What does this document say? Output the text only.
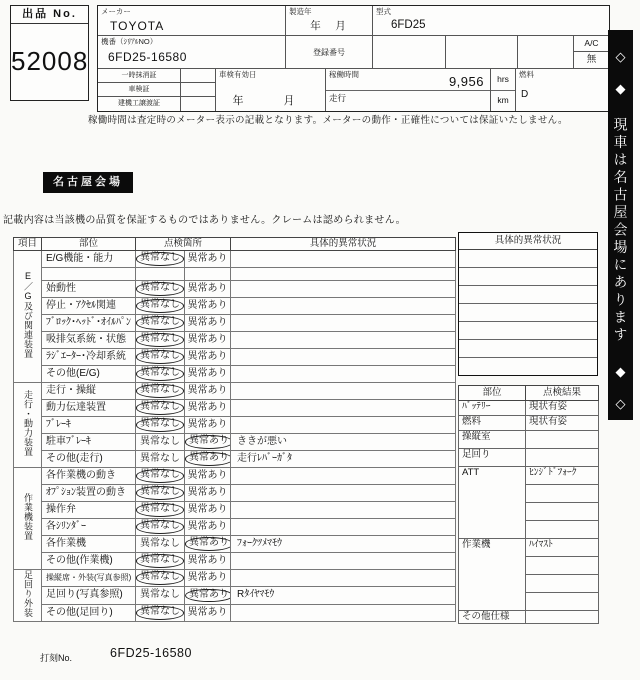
出品 No.
52008
メーカー
TOYOTA
製造年
年　月
型式
6FD25
機番（ｼﾘｱﾙNO）
6FD25-16580	登録番号
A/C
無
一時抹消証
車検証
建機工譲渡証
車検有効日
年　　月
稼働時間	9,956
走行
hrs
km
燃料
D
稼働時間は査定時のメーター表示の記載となります。メーターの動作・正確性については保証いたしません。
名古屋会場
記載内容は当該機の品質を保証するものではありません。クレームは認められません。
項目	部位	点検箇所		具体的異常状況
E／G及び関連装置	E/G機能・能力	異常なし	異常あり	

	始動性	異常なし	異常あり	
	停止・ｱｸｾﾙ関連	異常なし	異常あり	
	ﾌﾞﾛｯｸ･ﾍｯﾄﾞ･ｵｲﾙﾊﾟﾝ	異常なし	異常あり	
	吸排気系統・状態	異常なし	異常あり	
	ﾗｼﾞｴｰﾀｰ･冷却系統	異常なし	異常あり	
	その他(E/G)	異常なし	異常あり	
走行・動力装置	走行・操縦	異常なし	異常あり	
	動力伝達装置	異常なし	異常あり	
	ﾌﾞﾚｰｷ	異常なし	異常あり	
	駐車ﾌﾞﾚｰｷ	異常なし	異常あり	ききが悪い
	その他(走行)	異常なし	異常あり	走行ﾚﾊﾞｰｶﾞﾀ
作業機装置	各作業機の動き	異常なし	異常あり	
	ｵﾌﾟｼｮﾝ装置の動き	異常なし	異常あり	
	操作弁	異常なし	異常あり	
	各ｼﾘﾝﾀﾞｰ	異常なし	異常あり	
	各作業機	異常なし	異常あり	ﾌｫｰｸﾂﾒﾏﾓｳ
	その他(作業機)	異常なし	異常あり	
足回り外装	操縦席・外装(写真参照)	異常なし	異常あり	
	足回り(写真参照)	異常なし	異常あり	Rﾀｲﾔﾏﾓｳ
	その他(足回り)	異常なし	異常あり	
具体的異常状況
部位	点検結果
ﾊﾞｯﾃﾘｰ	現状有姿
燃料	現状有姿
操縦室	
足回り	
ATT	ﾋﾝｼﾞﾄﾞﾌｫｰｸ

作業機	ﾊｲﾏｽﾄ

その他仕様	
◇
◆
現車は名古屋会場にあります
◆
◇
打刻No.	6FD25-16580
